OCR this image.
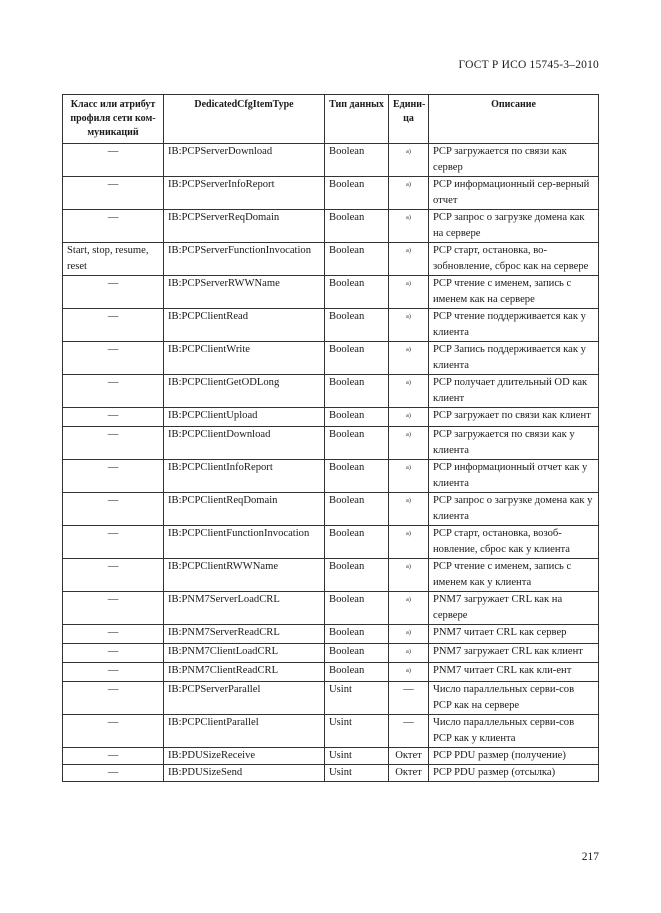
ГОСТ Р ИСО 15745-3–2010
Класс или атрибут профиля сети ком-муникаций	DedicatedCfgItemType	Тип данных	Едини-ца	Описание
—	IB:PCPServerDownload	Boolean	$^{a)}$	PCP загружается по связи как сервер
—	IB:PCPServerInfoReport	Boolean	$^{a)}$	PCP информационный сер-верный отчет
—	IB:PCPServerReqDomain	Boolean	$^{a)}$	PCP запрос о загрузке домена как на сервере
Start, stop, resume, reset	IB:PCPServerFunctionInvocation	Boolean	$^{a)}$	PCP старт, остановка, во-зобновление, сброс как на сервере
—	IB:PCPServerRWWName	Boolean	$^{a)}$	PCP чтение с именем, запись с именем как на сервере
—	IB:PCPClientRead	Boolean	$^{a)}$	PCP чтение поддерживается как у клиента
—	IB:PCPClientWrite	Boolean	$^{a)}$	PCP Запись поддерживается как у клиента
—	IB:PCPClientGetODLong	Boolean	$^{a)}$	PCP получает длительный OD как клиент
—	IB:PCPClientUpload	Boolean	$^{a)}$	PCP загружает по связи как клиент
—	IB:PCPClientDownload	Boolean	$^{a)}$	PCP загружается по связи как у клиента
—	IB:PCPClientInfoReport	Boolean	$^{a)}$	PCP информационный отчет как у клиента
—	IB:PCPClientReqDomain	Boolean	$^{a)}$	PCP запрос о загрузке домена как у клиента
—	IB:PCPClientFunctionInvocation	Boolean	$^{a)}$	PCP старт, остановка, возоб-новление, сброс как у клиента
—	IB:PCPClientRWWName	Boolean	$^{a)}$	PCP чтение с именем, запись с именем как у клиента
—	IB:PNM7ServerLoadCRL	Boolean	$^{a)}$	PNM7 загружает CRL как на сервере
—	IB:PNM7ServerReadCRL	Boolean	$^{a)}$	PNM7 читает CRL как сервер
—	IB:PNM7ClientLoadCRL	Boolean	$^{a)}$	PNM7 загружает CRL как клиент
—	IB:PNM7ClientReadCRL	Boolean	$^{a)}$	PNM7 читает CRL как кли-ент
—	IB:PCPServerParallel	Usint	—	Число параллельных серви-сов PCP как на сервере
—	IB:PCPClientParallel	Usint	—	Число параллельных серви-сов PCP как у клиента
—	IB:PDUSizeReceive	Usint	Октет	PCP PDU размер (получение)
—	IB:PDUSizeSend	Usint	Октет	PCP PDU размер (отсылка)
217
